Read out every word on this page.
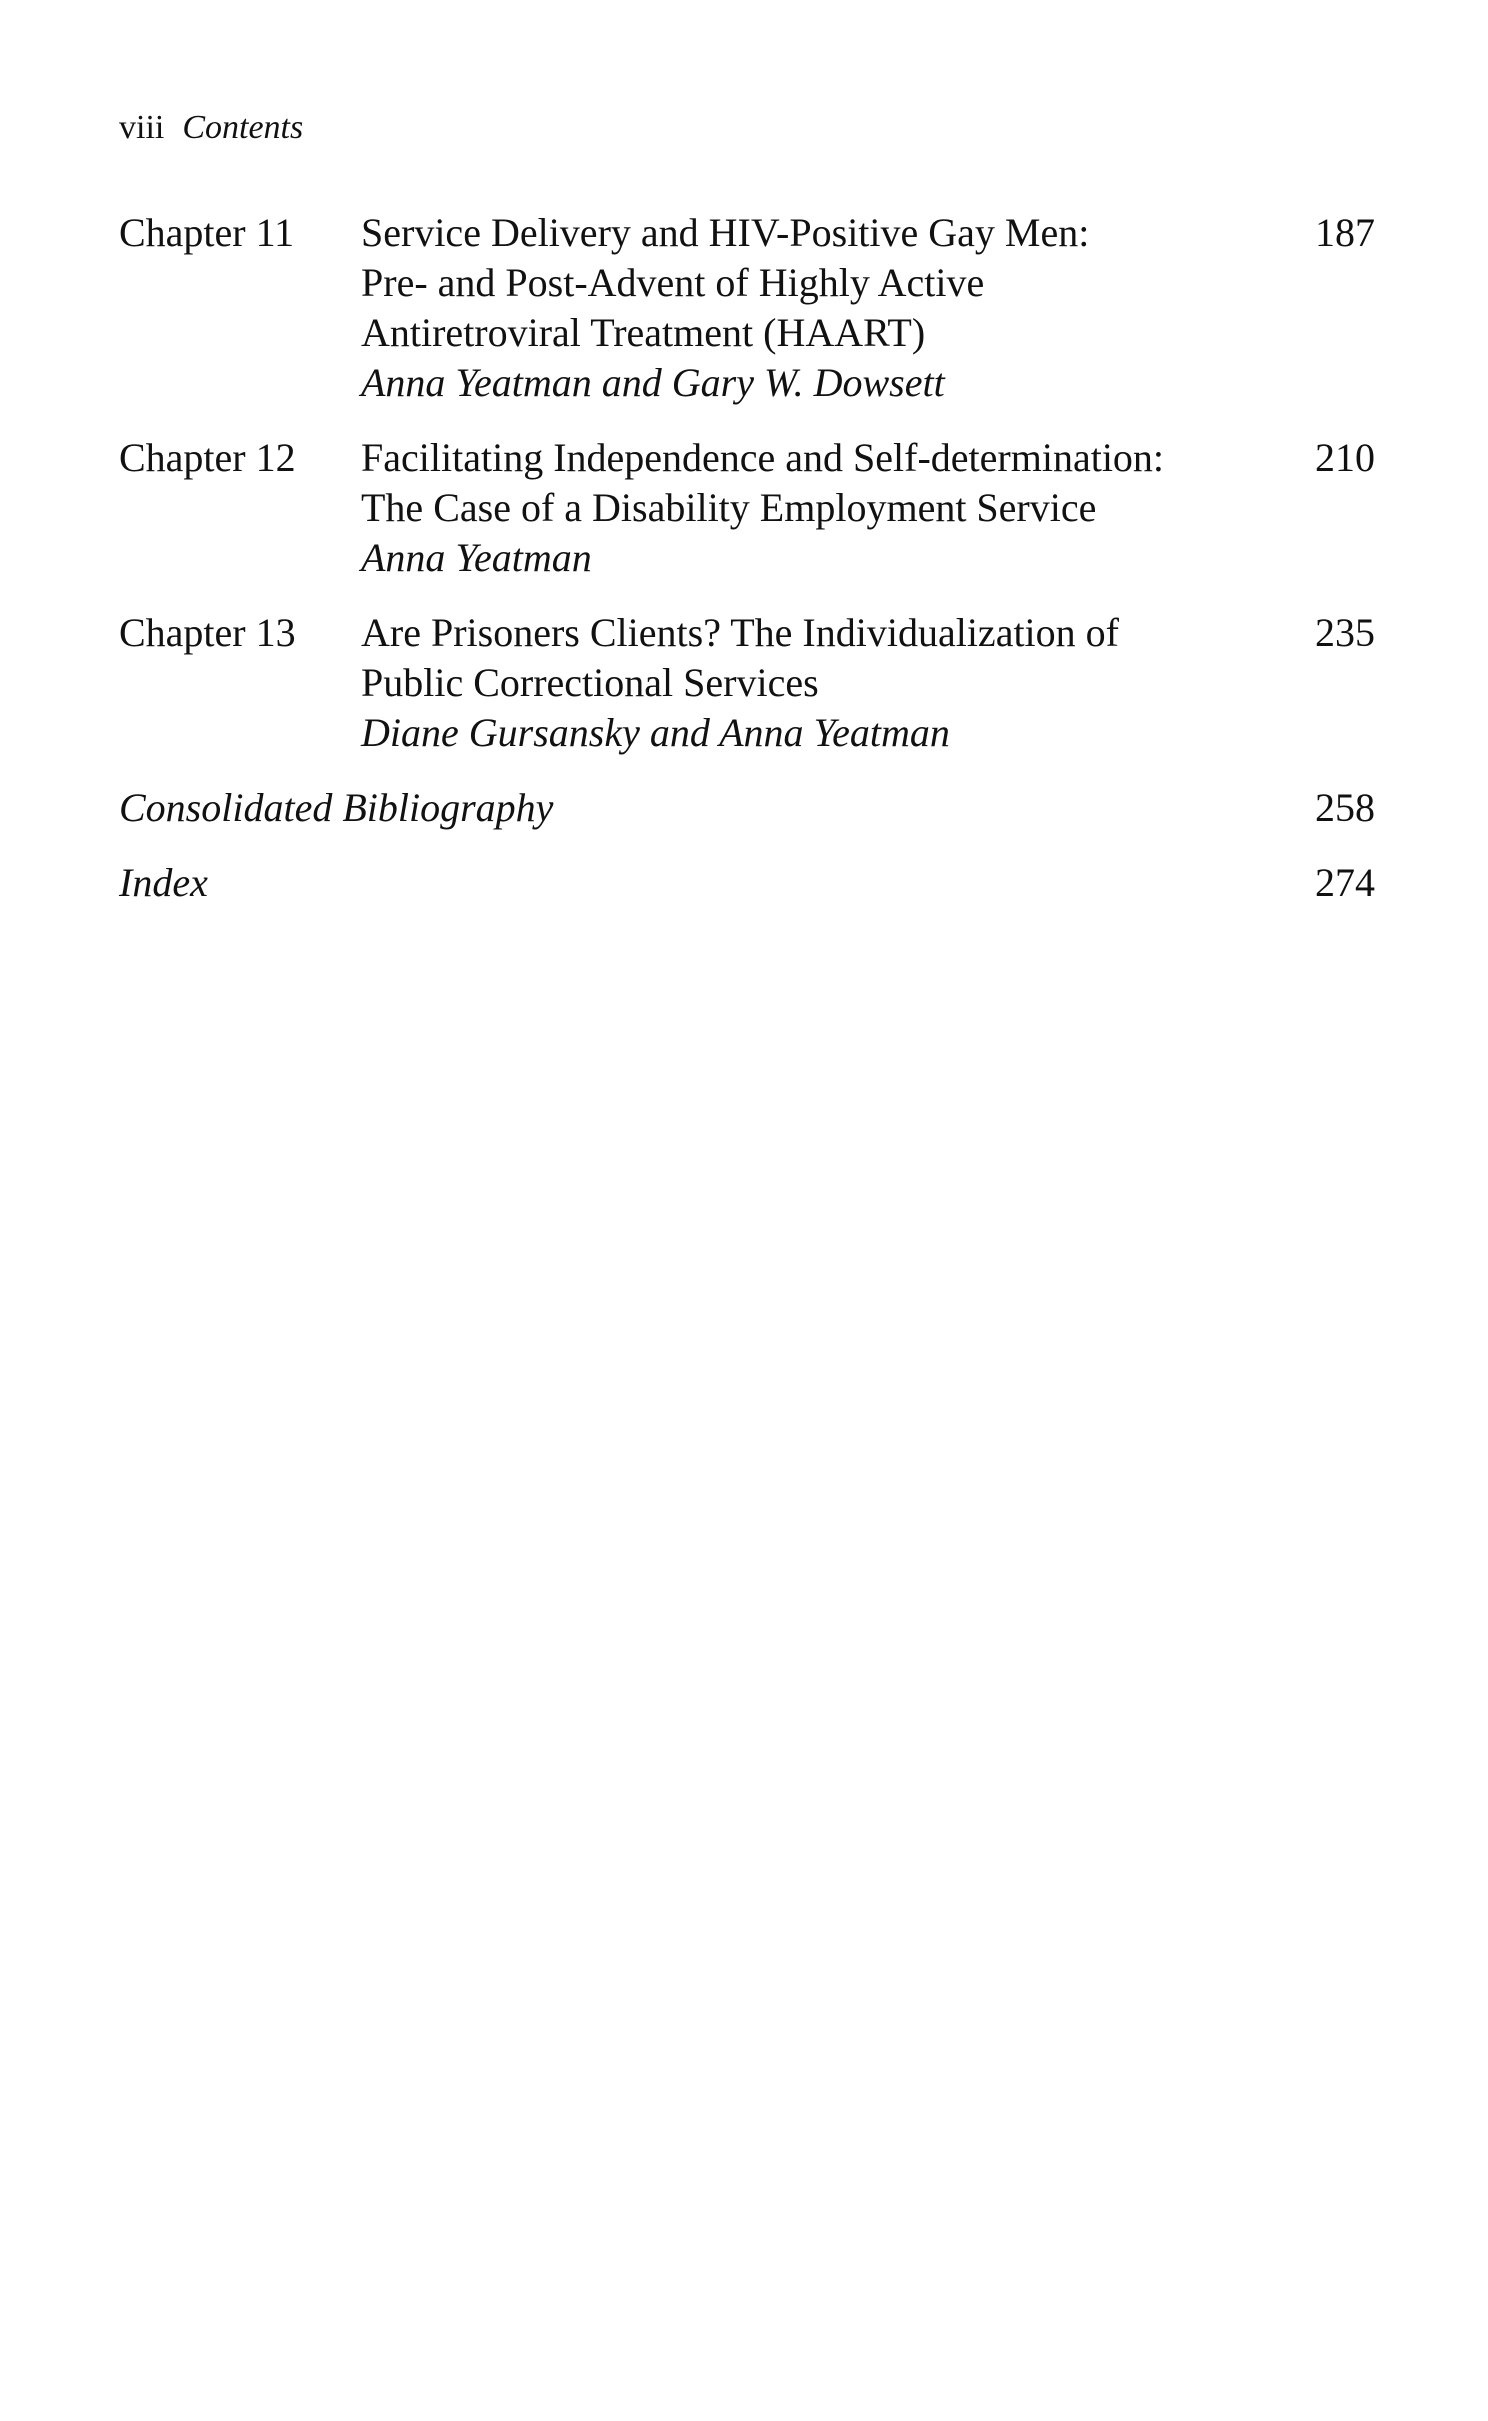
viii Contents
Chapter 11 Service Delivery and HIV-Positive Gay Men:
Pre- and Post-Advent of Highly Active
Antiretroviral Treatment (HAART)
Anna Yeatman and Gary W. Dowsett
187
Chapter 12 Facilitating Independence and Self-determination:
The Case of a Disability Employment Service
Anna Yeatman
210
Chapter 13 Are Prisoners Clients? The Individualization of
Public Correctional Services
Diane Gursansky and Anna Yeatman
235
Consolidated Bibliography	258
Index	274
